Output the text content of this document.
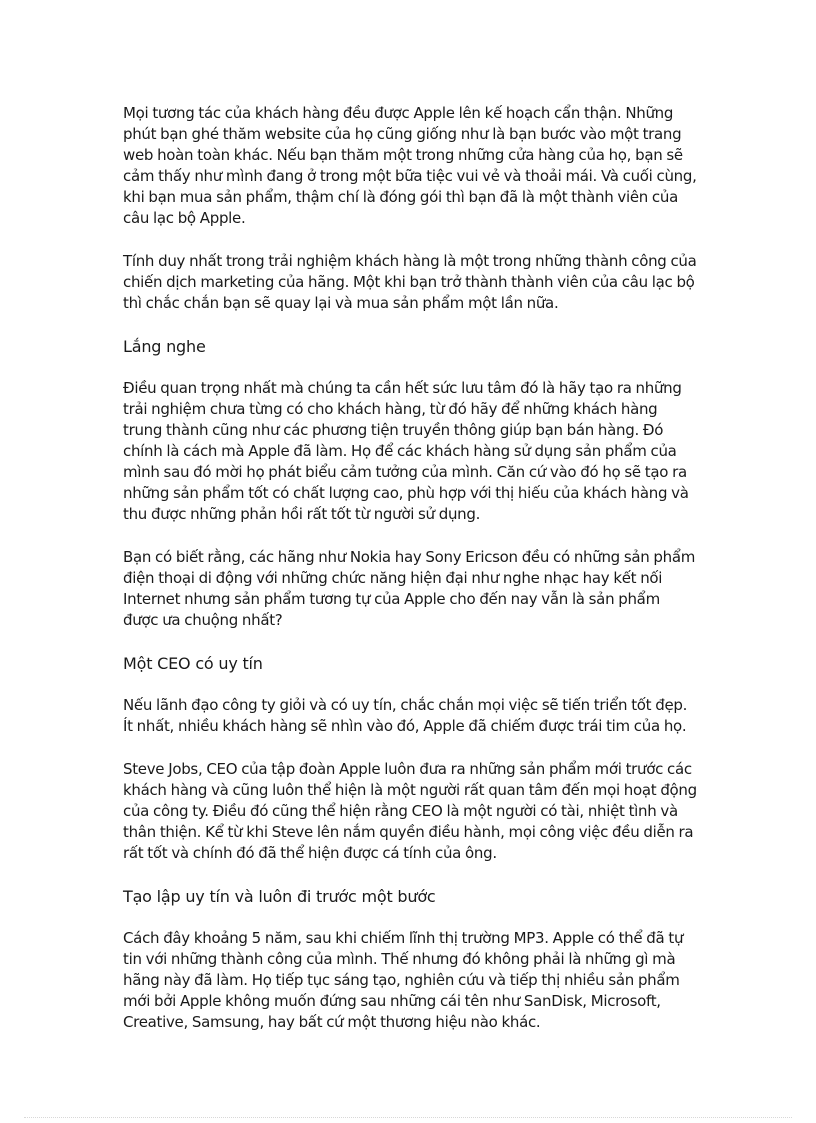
Mọi tương tác của khách hàng đều được Apple lên kế hoạch cẩn thận. Những phút bạn ghé thăm website của họ cũng giống như là bạn bước vào một trang web hoàn toàn khác. Nếu bạn thăm một trong những cửa hàng của họ, bạn sẽ cảm thấy như mình đang ở trong một bữa tiệc vui vẻ và thoải mái. Và cuối cùng, khi bạn mua sản phẩm, thậm chí là đóng gói thì bạn đã là một thành viên của câu lạc bộ Apple.

Tính duy nhất trong trải nghiệm khách hàng là một trong những thành công của chiến dịch marketing của hãng. Một khi bạn trở thành thành viên của câu lạc bộ thì chắc chắn bạn sẽ quay lại và mua sản phẩm một lần nữa.

Lắng nghe

Điều quan trọng nhất mà chúng ta cần hết sức lưu tâm đó là hãy tạo ra những trải nghiệm chưa từng có cho khách hàng, từ đó hãy để những khách hàng trung thành cũng như các phương tiện truyền thông giúp bạn bán hàng. Đó chính là cách mà Apple đã làm. Họ để các khách hàng sử dụng sản phẩm của mình sau đó mời họ phát biểu cảm tưởng của mình. Căn cứ vào đó họ sẽ tạo ra những sản phẩm tốt có chất lượng cao, phù hợp với thị hiếu của khách hàng và thu được những phản hồi rất tốt từ người sử dụng.

Bạn có biết rằng, các hãng như Nokia hay Sony Ericson đều có những sản phẩm điện thoại di động với những chức năng hiện đại như nghe nhạc hay kết nối Internet nhưng sản phẩm tương tự của Apple cho đến nay vẫn là sản phẩm được ưa chuộng nhất?

Một CEO có uy tín

Nếu lãnh đạo công ty giỏi và có uy tín, chắc chắn mọi việc sẽ tiến triển tốt đẹp. Ít nhất, nhiều khách hàng sẽ nhìn vào đó, Apple đã chiếm được trái tim của họ.

Steve Jobs, CEO của tập đoàn Apple luôn đưa ra những sản phẩm mới trước các khách hàng và cũng luôn thể hiện là một người rất quan tâm đến mọi hoạt động của công ty. Điều đó cũng thể hiện rằng CEO là một người có tài, nhiệt tình và thân thiện. Kể từ khi Steve lên nắm quyền điều hành, mọi công việc đều diễn ra rất tốt và chính đó đã thể hiện được cá tính của ông.

Tạo lập uy tín và luôn đi trước một bước

Cách đây khoảng 5 năm, sau khi chiếm lĩnh thị trường MP3. Apple có thể đã tự tin với những thành công của mình. Thế nhưng đó không phải là những gì mà hãng này đã làm. Họ tiếp tục sáng tạo, nghiên cứu và tiếp thị nhiều sản phẩm mới bởi Apple không muốn đứng sau những cái tên như SanDisk, Microsoft, Creative, Samsung, hay bất cứ một thương hiệu nào khác.
